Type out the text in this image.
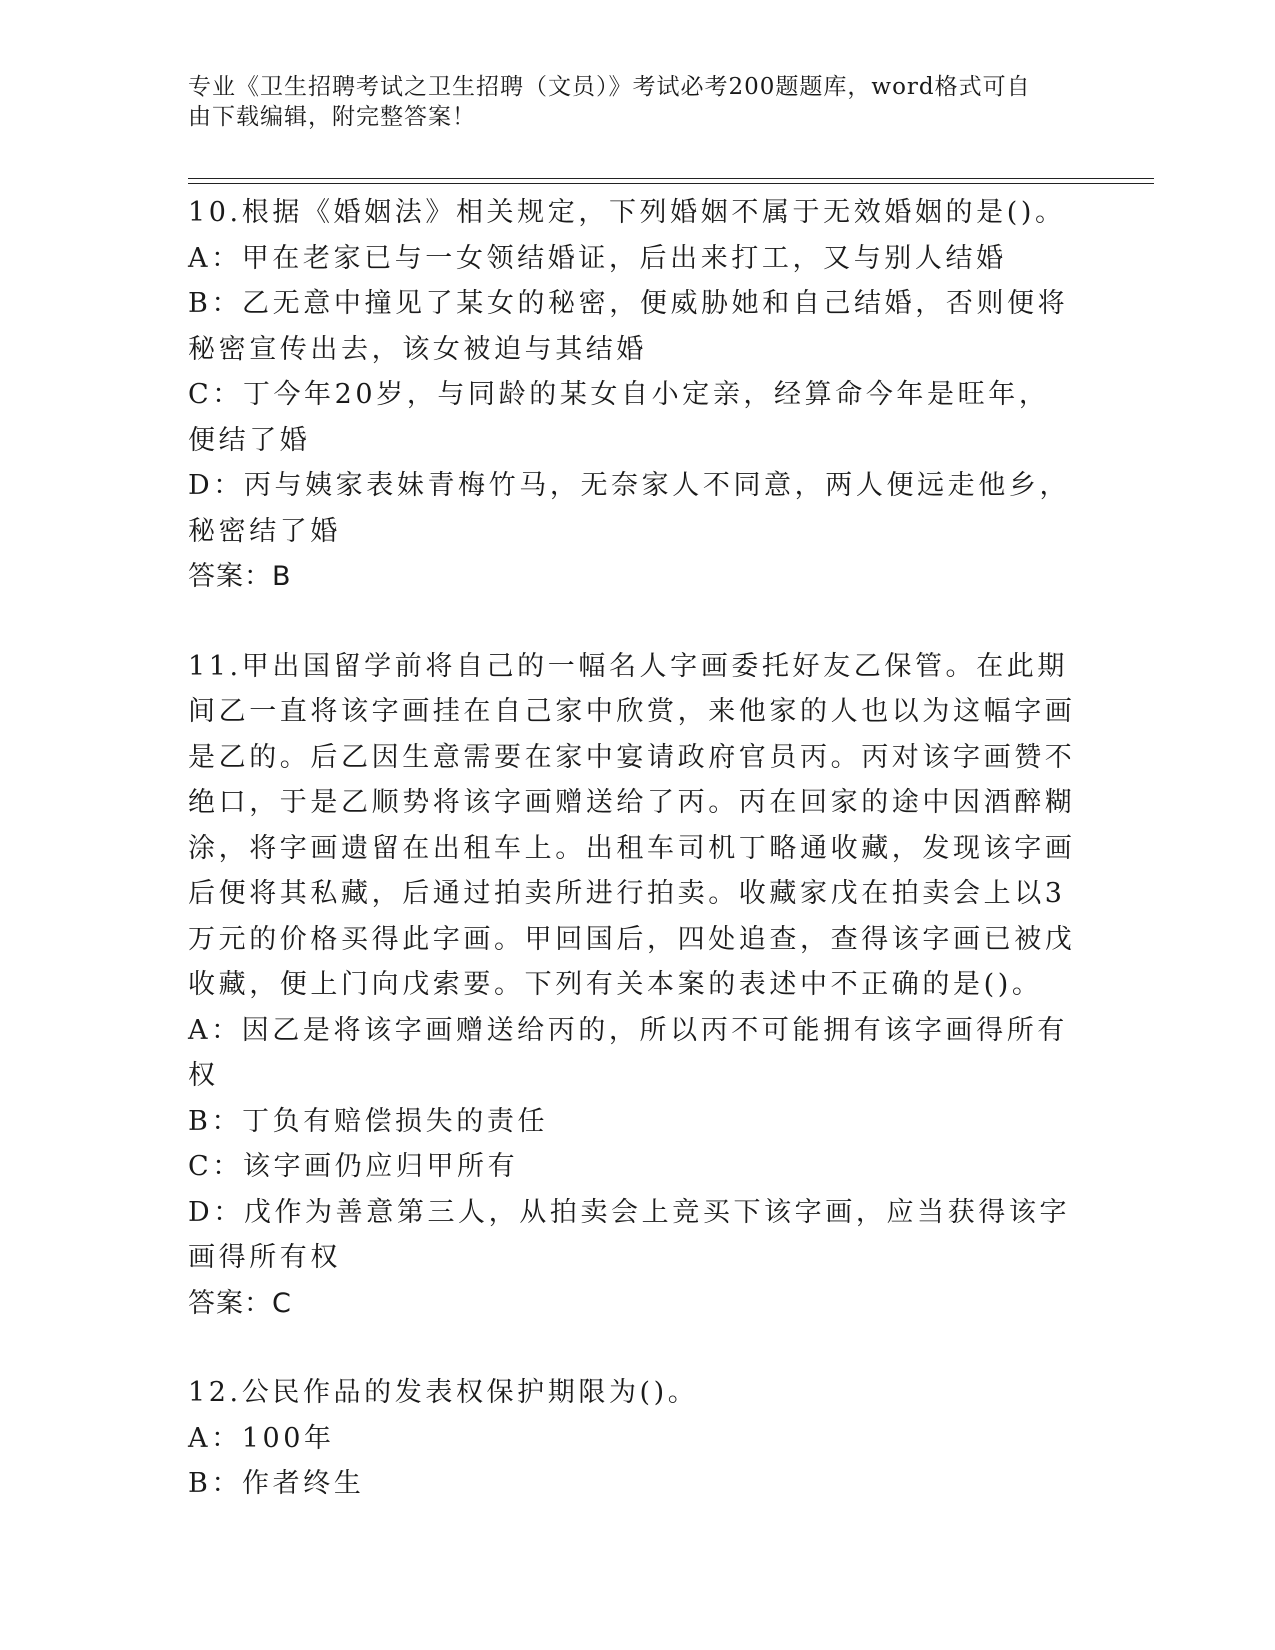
专业《卫生招聘考试之卫生招聘（文员）》考试必考200题题库，word格式可自
由下载编辑，附完整答案！

10.根据《婚姻法》相关规定，下列婚姻不属于无效婚姻的是()。

A：甲在老家已与一女领结婚证，后出来打工，又与别人结婚

B：乙无意中撞见了某女的秘密，便威胁她和自己结婚，否则便将秘密宣传出去，该女被迫与其结婚

C：丁今年20岁，与同龄的某女自小定亲，经算命今年是旺年，便结了婚

D：丙与姨家表妹青梅竹马，无奈家人不同意，两人便远走他乡，秘密结了婚

答案：B

11.甲出国留学前将自己的一幅名人字画委托好友乙保管。在此期间乙一直将该字画挂在自己家中欣赏，来他家的人也以为这幅字画是乙的。后乙因生意需要在家中宴请政府官员丙。丙对该字画赞不绝口，于是乙顺势将该字画赠送给了丙。丙在回家的途中因酒醉糊涂，将字画遗留在出租车上。出租车司机丁略通收藏，发现该字画后便将其私藏，后通过拍卖所进行拍卖。收藏家戊在拍卖会上以3万元的价格买得此字画。甲回国后，四处追查，查得该字画已被戊收藏，便上门向戊索要。下列有关本案的表述中不正确的是()。

A：因乙是将该字画赠送给丙的，所以丙不可能拥有该字画得所有权

B：丁负有赔偿损失的责任

C：该字画仍应归甲所有

D：戊作为善意第三人，从拍卖会上竞买下该字画，应当获得该字画得所有权

答案：C

12.公民作品的发表权保护期限为()。

A：100年

B：作者终生
